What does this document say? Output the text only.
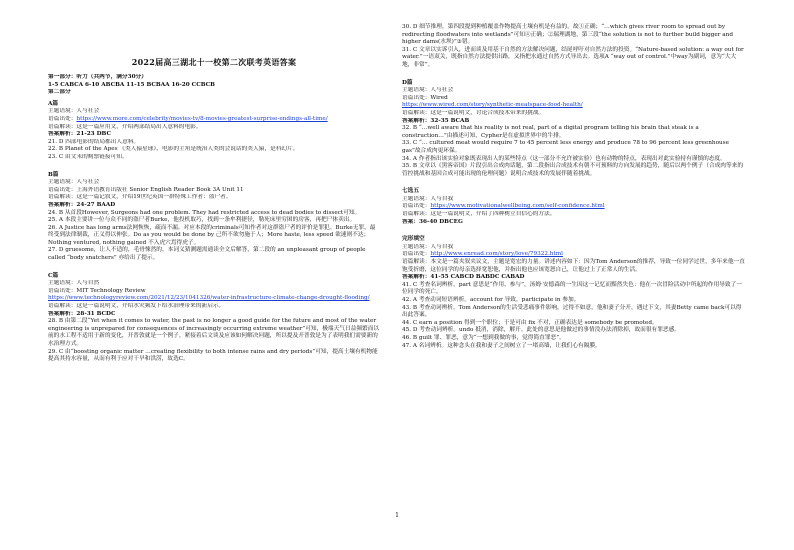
2022届高三湖北十一校第二次联考英语答案
第一部分：听力（共两节，满分30分）
1-5 CABCA 6-10 ABCBA 11-15 BCBAA 16-20 CCBCB
第二部分
A篇
主题语境：人与社会
语篇出处：https://www.more.com/celebrity/movies-tv/8-movies-greatest-surprise-endings-all-time/
语篇解读：这是一篇应用文，介绍两部结局出人意料的电影。
答案解析：21-23 DBC
21. D 四部电影的结局都出人意料。
22. B Planet of the Apes 《类人猿星球》，电影的主角是统治人类的会说话的类人猿，是科幻片。
23. C 由文末的购票链接可知。
B篇
主题语境：人与社会
语篇出处：上海外语教育出版社 Senior English Reader Book 3A Unit 11
语篇解读：这是一篇记叙文，介绍19世纪英国一群特殊工作者：盗尸者。
答案解析：24-27 BAAD
24. B 从首段However, Surgeons had one problem. They had restricted access to dead bodies to dissect可知。
25. A 本段主要讲一位与众不同的盗尸者Burke，他投机取巧，找到一条牟利捷径，勒死床里穷困的房客，再把尸体卖出。
26. A Justice has long arms法网恢恢，疏而不漏。对应本段的criminals可知作者对这群盗尸者的评价是罪犯。Burke无罪，最终受到法律制裁，正义得以伸张。Do as you would be done by 己所不欲勿施于人；More haste, less speed 欲速则不达；Nothing ventured, nothing gained 不入虎穴焉得虎子。
27. D gruesome，让人不适的，毛骨悚然的，本词义猜测题需通读全文后解答，第二段的 an unpleasant group of people called “body snatchers” 亦给出了提示。
C篇
主题语境：人与自然
语篇出处：MIT Technology Review
https://www.technologyreview.com/2021/12/23/1041326/water-infrastructure-climate-change-drought-flooding/
语篇解读：这是一篇说明文，介绍水灾频发下给水治理带来的新启示。
答案解析：28-31 BCDC
28. B 由第二段“Yet when it comes to water, the past is no longer a good guide for the future and most of the water engineering is unprepared for consequences of increasingly occurring extreme weather”可知，极端天气日益频繁而以前的水工程不适用于新的变化，开普敦就是一个例子。紧接着后文谈及应该如何解决问题，所以提及开普敦是为了表明我们需要新的水治理方式。
29. C 由“boosting organic matter …creating flexibility to both intense rains and dry periods”可知，提高土壤有机物能提高其持水容量，从而有利于应对干旱和洪涝，故选C。
30. D 细节推理，第四段提到种植覆盖作物提高土壤有机是有益的，故①正确；“…which gives river room to spread out by redirecting floodwaters into wetlands”可知④正确；②瑞理湖地，第三段“the solution is not to further build bigger and higher dams(水坝)”③错。
31. C 文章以实诉引入，进而谈及用基于自然的方法解决问题，结尾呼吁对自然方法的投资。“Nature-based solution: a way out for water.”一语双关，既指自然方法提供出路，又指把水通过自然方式导出去。选项A “way out of control.”中way为副词，意为“大大地，非常”。
D篇
主题语境：人与社会
语篇出处：Wired
https://www.wired.com/story/synthetic-meatspace-food-health/
语篇解读：这是一篇说明文，讨论合成技术带来的挑战。
答案解析：32-35 BCAB
32. B “…well aware that his reality is not real, part of a digital program telling his brain that steak is a construction…”由描述可知，Cypher是在虚拟世界中的牛排。
33. C “… cultured meat would require 7 to 45 percent less energy and produce 78 to 96 percent less greenhouse gas”故合成肉更环保。
34. A 作者指出该实验对象既表现出人的某些特点（这一部分不允许被实验）也有动物的特点，表现出对此实验持有谨慎的态度。
35. B 文章以《黑客帝国》片段引出合成肉话题，第二段指出合成技术有朝不可预料的方向发展的趋势，随后以两个例子（合成肉等来的管控挑战和基因合成可能出现的伦理问题）说明合成技术的发展伴随着挑战。
七选五
主题语境：人与自我
语篇出处：https://www.motivationalwellbeing.com/self-confidence.html
语篇解读：这是一篇说明文，介绍了四种树立自信心的方法。
答案：36-40 DBCEG
完形填空
主题语境：人与自我
语篇出处：http://www.enread.com/story/love/79322.html
语篇解读：本文是一篇夹叙夹议文，主题是宽宏的力量。讲述内容如下：因为Tom Anderson的推荐，导致一位同学过世，多年来他一直饱受折磨，这位同学的母亲选择宽恕他，并指出他也应该宽恕自己，让他过上了正常人的生活。
答案解析：41-55 CABCD BABDC CABAD
41. C 考查名词辨析。part 意思是“作用、参与”，汤姆·安德森的一生因这一记忆而黯然失色：他在一次冒险活动中所起的作用导致了一位同学的死亡。
42. A 考查动词短语辨析。account for 导致，participate in 参加。
43. B 考查动词辨析。Tom Anderson的生活受悲痛事件影响，过得不如意，他和妻子分开，遇过下文，其妻Betty came back可以得出此答案。
44. C earn a position 得到一个职位；于是可由 fix 不对，正确表达是 somebody be promoted。
45. D 考查动词辨析。undo 抵消，消除，解开。此处的意思是他做过的事情没办法消除掉，故而很有罪恶感。
46. B guilt 罪、罪恶，意为“一想到我做的事，觉得简直罪恶”。
47. A 名词辨析。这种念头在我和妻子之间树立了一堵高墙，让我们心有隔膜。
1
